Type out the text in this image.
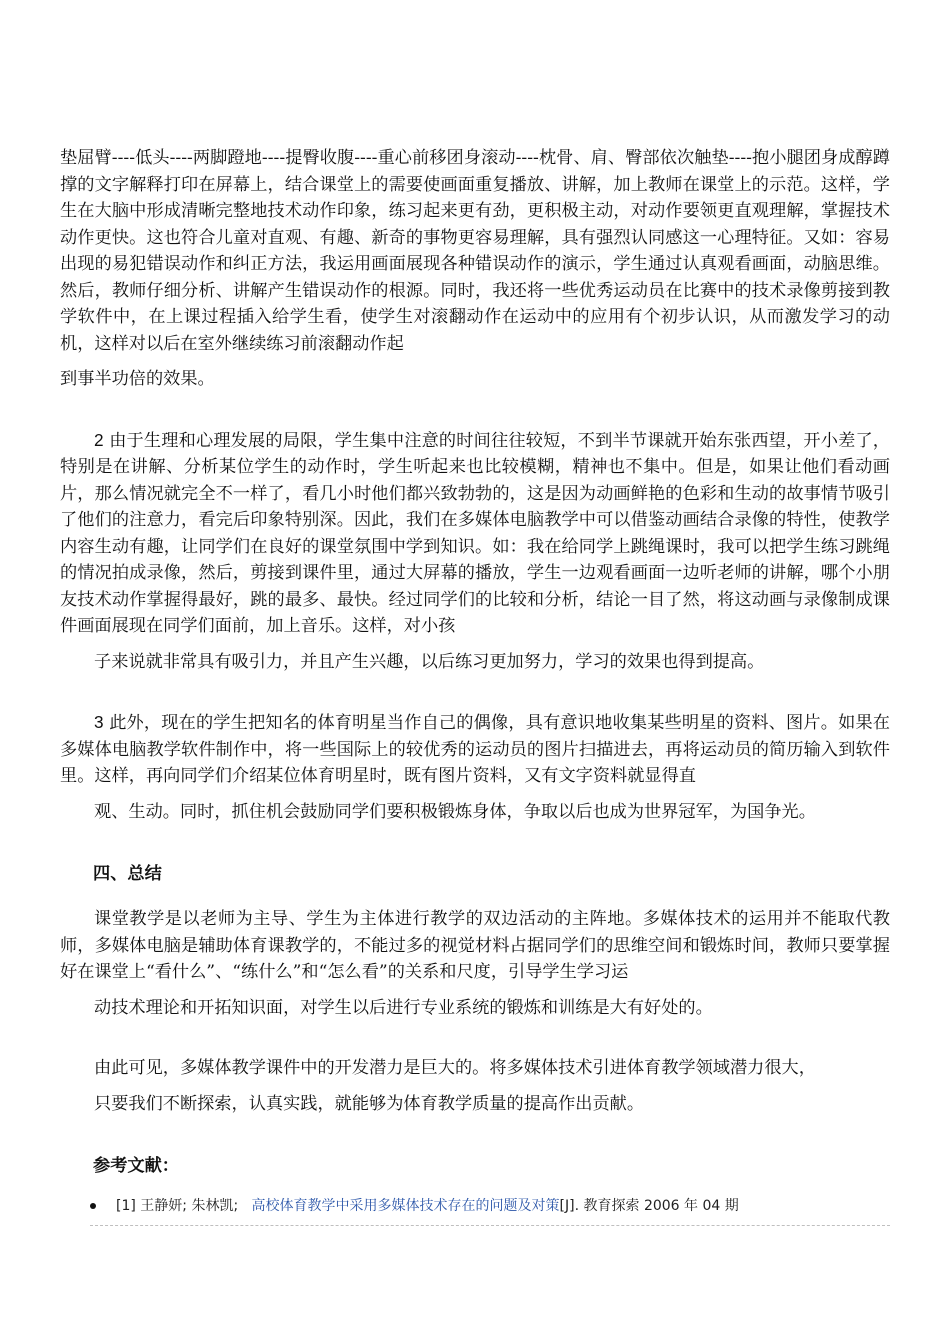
垫屈臂----低头----两脚蹬地----提臀收腹----重心前移团身滚动----枕骨、肩、臀部依次触垫----抱小腿团身成醇蹲撑的文字解释打印在屏幕上，结合课堂上的需要使画面重复播放、讲解，加上教师在课堂上的示范。这样，学生在大脑中形成清晰完整地技术动作印象，练习起来更有劲，更积极主动，对动作要领更直观理解，掌握技术动作更快。这也符合儿童对直观、有趣、新奇的事物更容易理解，具有强烈认同感这一心理特征。又如：容易出现的易犯错误动作和纠正方法，我运用画面展现各种错误动作的演示，学生通过认真观看画面，动脑思维。然后，教师仔细分析、讲解产生错误动作的根源。同时，我还将一些优秀运动员在比赛中的技术录像剪接到教学软件中，在上课过程插入给学生看，使学生对滚翻动作在运动中的应用有个初步认识，从而激发学习的动机，这样对以后在室外继续练习前滚翻动作起
到事半功倍的效果。

2 由于生理和心理发展的局限，学生集中注意的时间往往较短，不到半节课就开始东张西望，开小差了，特别是在讲解、分析某位学生的动作时，学生听起来也比较模糊，精神也不集中。但是，如果让他们看动画片，那么情况就完全不一样了，看几小时他们都兴致勃勃的，这是因为动画鲜艳的色彩和生动的故事情节吸引了他们的注意力，看完后印象特别深。因此，我们在多媒体电脑教学中可以借鉴动画结合录像的特性，使教学内容生动有趣，让同学们在良好的课堂氛围中学到知识。如：我在给同学上跳绳课时，我可以把学生练习跳绳的情况拍成录像，然后，剪接到课件里，通过大屏幕的播放，学生一边观看画面一边听老师的讲解，哪个小朋友技术动作掌握得最好，跳的最多、最快。经过同学们的比较和分析，结论一目了然，将这动画与录像制成课件画面展现在同学们面前，加上音乐。这样，对小孩
子来说就非常具有吸引力，并且产生兴趣，以后练习更加努力，学习的效果也得到提高。

3 此外，现在的学生把知名的体育明星当作自己的偶像，具有意识地收集某些明星的资料、图片。如果在多媒体电脑教学软件制作中，将一些国际上的较优秀的运动员的图片扫描进去，再将运动员的简历输入到软件里。这样，再向同学们介绍某位体育明星时，既有图片资料，又有文字资料就显得直
观、生动。同时，抓住机会鼓励同学们要积极锻炼身体，争取以后也成为世界冠军，为国争光。

四、总结

课堂教学是以老师为主导、学生为主体进行教学的双边活动的主阵地。多媒体技术的运用并不能取代教师，多媒体电脑是辅助体育课教学的，不能过多的视觉材料占据同学们的思维空间和锻炼时间，教师只要掌握好在课堂上“看什么”、“练什么”和“怎么看”的关系和尺度，引导学生学习运
动技术理论和开拓知识面，对学生以后进行专业系统的锻炼和训练是大有好处的。

由此可见，多媒体教学课件中的开发潜力是巨大的。将多媒体技术引进体育教学领域潜力很大，
只要我们不断探索，认真实践，就能够为体育教学质量的提高作出贡献。

参考文献：

[1] 王静妍; 朱林凯; 高校体育教学中采用多媒体技术存在的问题及对策[J]. 教育探索 2006 年 04 期
